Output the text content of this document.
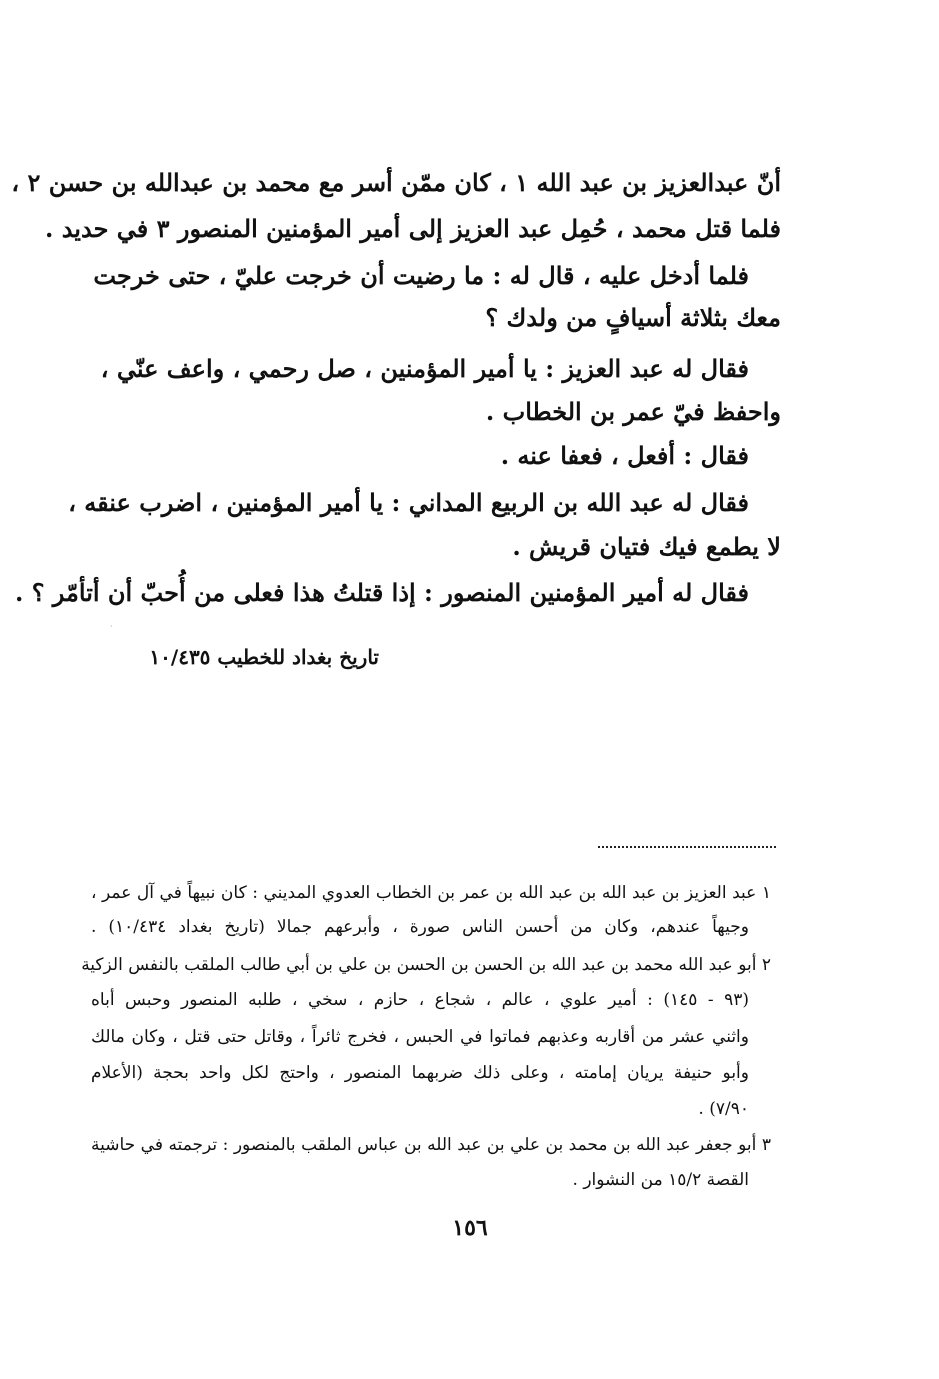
أنّ عبدالعزيز بن عبد الله ١ ، كان ممّن أسر مع محمد بن عبدالله بن حسن ٢ ،
فلما قتل محمد ، حُمِل عبد العزيز إلى أمير المؤمنين المنصور ٣ في حديد .
فلما أدخل عليه ، قال له : ما رضيت أن خرجت عليّ ، حتى خرجت
معك بثلاثة أسيافٍ من ولدك ؟
فقال له عبد العزيز : يا أمير المؤمنين ، صل رحمي ، واعف عنّي ،
واحفظ فيّ عمر بن الخطاب .
فقال : أفعل ، فعفا عنه .
فقال له عبد الله بن الربيع المداني : يا أمير المؤمنين ، اضرب عنقه ،
لا يطمع فيك فتيان قريش .
فقال له أمير المؤمنين المنصور : إذا قتلتُ هذا فعلى من أُحبّ أن أتأمّر ؟ .
·
تاريخ بغداد للخطيب ١٠/٤٣٥
١ عبد العزيز بن عبد الله بن عبد الله بن عمر بن الخطاب العدوي المديني : كان نبيهاً في آل عمر ،
وجيهاً عندهم، وكان من أحسن الناس صورة ، وأبرعهم جمالا (تاريخ بغداد ١٠/٤٣٤) .
٢ أبو عبد الله محمد بن عبد الله بن الحسن بن الحسن بن علي بن أبي طالب الملقب بالنفس الزكية
(٩٣ - ١٤٥) : أمير علوي ، عالم ، شجاع ، حازم ، سخي ، طلبه المنصور وحبس أباه
واثني عشر من أقاربه وعذبهم فماتوا في الحبس ، فخرج ثائراً ، وقاتل حتى قتل ، وكان مالك
وأبو حنيفة يريان إمامته ، وعلى ذلك ضربهما المنصور ، واحتج لكل واحد بحجة (الأعلام
٧/٩٠) .
٣ أبو جعفر عبد الله بن محمد بن علي بن عبد الله بن عباس الملقب بالمنصور : ترجمته في حاشية
القصة ١٥/٢ من النشوار .
١٥٦
